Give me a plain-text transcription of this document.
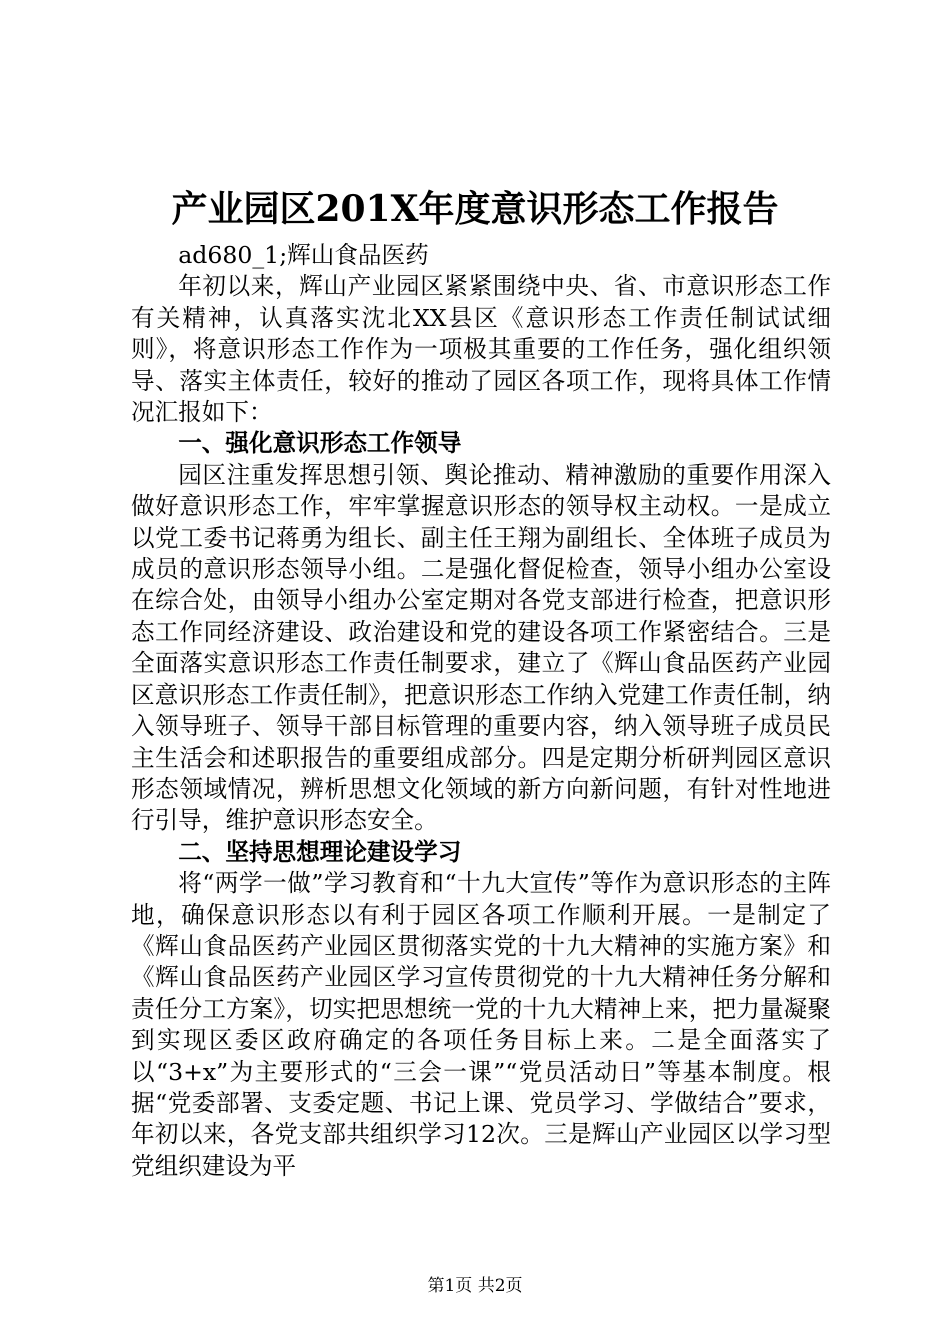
产业园区201X年度意识形态工作报告

ad680_1;辉山食品医药

年初以来，辉山产业园区紧紧围绕中央、省、市意识形态工作有关精神，认真落实沈北XX县区《意识形态工作责任制试试细则》，将意识形态工作作为一项极其重要的工作任务，强化组织领导、落实主体责任，较好的推动了园区各项工作，现将具体工作情况汇报如下：

一、强化意识形态工作领导

园区注重发挥思想引领、舆论推动、精神激励的重要作用深入做好意识形态工作，牢牢掌握意识形态的领导权主动权。一是成立以党工委书记蒋勇为组长、副主任王翔为副组长、全体班子成员为成员的意识形态领导小组。二是强化督促检查，领导小组办公室设在综合处，由领导小组办公室定期对各党支部进行检查，把意识形态工作同经济建设、政治建设和党的建设各项工作紧密结合。三是全面落实意识形态工作责任制要求，建立了《辉山食品医药产业园区意识形态工作责任制》，把意识形态工作纳入党建工作责任制，纳入领导班子、领导干部目标管理的重要内容，纳入领导班子成员民主生活会和述职报告的重要组成部分。四是定期分析研判园区意识形态领域情况，辨析思想文化领域的新方向新问题，有针对性地进行引导，维护意识形态安全。

二、坚持思想理论建设学习

将“两学一做”学习教育和“十九大宣传”等作为意识形态的主阵地，确保意识形态以有利于园区各项工作顺利开展。一是制定了《辉山食品医药产业园区贯彻落实党的十九大精神的实施方案》和《辉山食品医药产业园区学习宣传贯彻党的十九大精神任务分解和责任分工方案》，切实把思想统一党的十九大精神上来，把力量凝聚到实现区委区政府确定的各项任务目标上来。二是全面落实了以“3+x”为主要形式的“三会一课”“党员活动日”等基本制度。根据“党委部署、支委定题、书记上课、党员学习、学做结合”要求，年初以来，各党支部共组织学习12次。三是辉山产业园区以学习型党组织建设为平

第1页 共2页
